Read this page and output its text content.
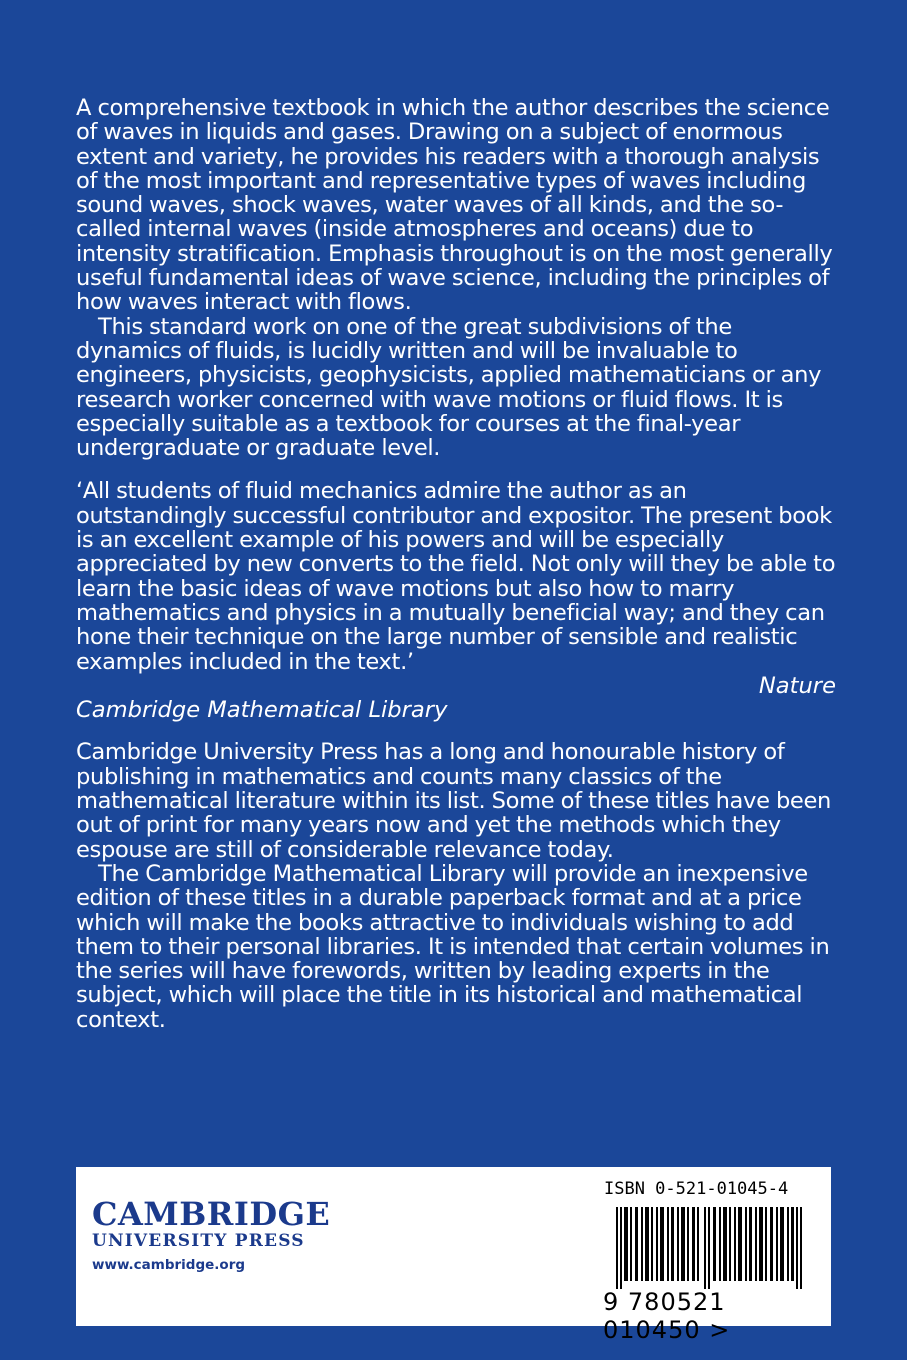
A comprehensive textbook in which the author describes the science of waves in liquids and gases. Drawing on a subject of enormous extent and variety, he provides his readers with a thorough analysis of the most important and representative types of waves including sound waves, shock waves, water waves of all kinds, and the so-called internal waves (inside atmospheres and oceans) due to intensity stratification. Emphasis throughout is on the most generally useful fundamental ideas of wave science, including the principles of how waves interact with flows.

This standard work on one of the great subdivisions of the dynamics of fluids, is lucidly written and will be invaluable to engineers, physicists, geophysicists, applied mathematicians or any research worker concerned with wave motions or fluid flows. It is especially suitable as a textbook for courses at the final-year undergraduate or graduate level.

‘All students of fluid mechanics admire the author as an outstandingly successful contributor and expositor. The present book is an excellent example of his powers and will be especially appreciated by new converts to the field. Not only will they be able to learn the basic ideas of wave motions but also how to marry mathematics and physics in a mutually beneficial way; and they can hone their technique on the large number of sensible and realistic examples included in the text.’

Nature

Cambridge Mathematical Library

Cambridge University Press has a long and honourable history of publishing in mathematics and counts many classics of the mathematical literature within its list. Some of these titles have been out of print for many years now and yet the methods which they espouse are still of considerable relevance today.

The Cambridge Mathematical Library will provide an inexpensive edition of these titles in a durable paperback format and at a price which will make the books attractive to individuals wishing to add them to their personal libraries. It is intended that certain volumes in the series will have forewords, written by leading experts in the subject, which will place the title in its historical and mathematical context.

CAMBRIDGE
UNIVERSITY PRESS
www.cambridge.org
ISBN 0-521-01045-4
9 780521 010450 >
